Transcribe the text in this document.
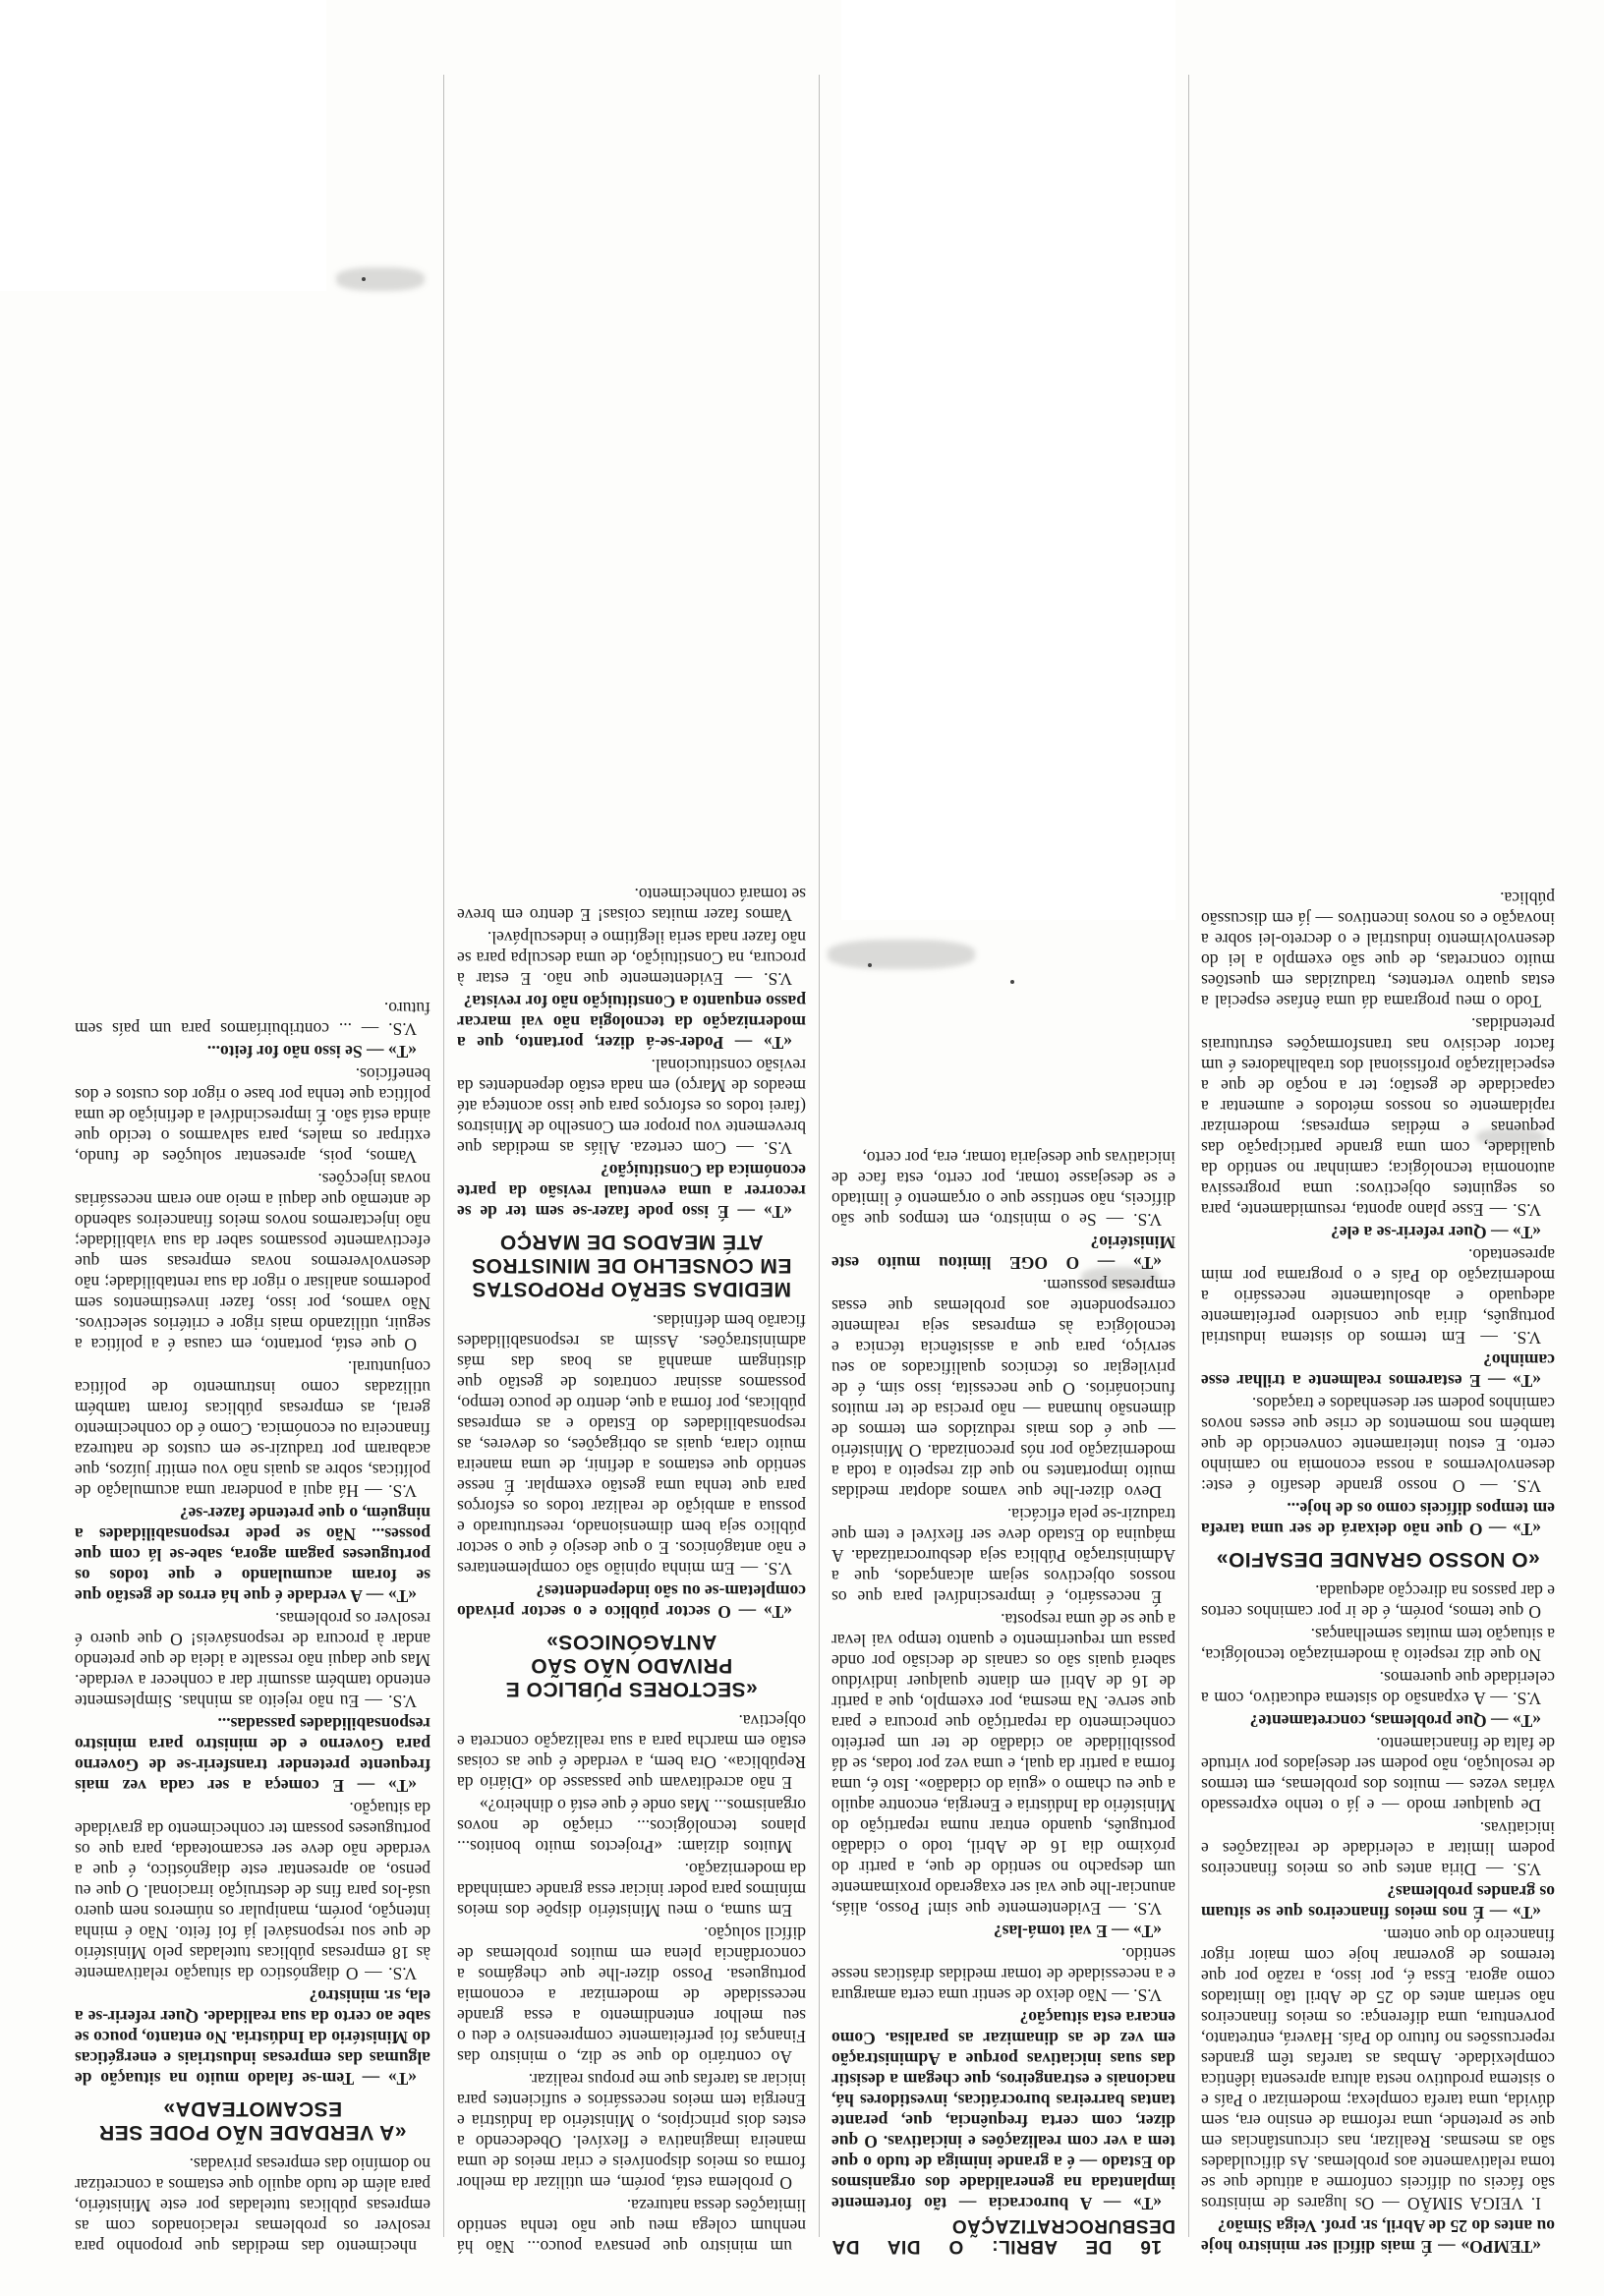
«TEMPO» — É mais difícil ser ministro hoje ou antes do 25 de Abril, sr. prof. Veiga Simão?

I. VEIGA SIMÃO — Os lugares de ministros são fáceis ou difíceis conforme a atitude que se toma relativamente aos problemas. As dificuldades são as mesmas. Realizar, nas circunstâncias em que se pretende, uma reforma de ensino era, sem dúvida, uma tarefa complexa; modernizar o País e o sistema produtivo nesta altura apresenta idêntica complexidade. Ambas as tarefas têm grandes repercussões no futuro do País. Haverá, entretanto, porventura, uma diferença: os meios financeiros não seriam antes do 25 de Abril tão limitados como agora. Essa é, por isso, a razão por que teremos de governar hoje com maior rigor financeiro do que ontem.

«T» — É nos meios financeiros que se situam os grandes problemas?

V.S. — Diria antes que os meios financeiros podem limitar a celeridade de realizações e iniciativas.

De qualquer modo — e já o tenho expressado várias vezes — muitos dos problemas, em termos de resolução, não podem ser desejados por virtude de falta de financiamento.

«T» — Que problemas, concretamente?

V.S. — A expansão do sistema educativo, com a celeridade que queremos.

No que diz respeito à modernização tecnológica, a situação tem muitas semelhanças.

O que temos, porém, é de ir por caminhos certos e dar passos na direcção adequada.

«O NOSSO GRANDE DESAFIO»

«T» — O que não deixará de ser uma tarefa em tempos difíceis como os de hoje...

V.S. — O nosso grande desafio é este: desenvolvermos a nossa economia no caminho certo. E estou inteiramente convencido de que também nos momentos de crise que esses novos caminhos podem ser desenhados e traçados.

«T» — E estaremos realmente a trilhar esse caminho?

V.S. — Em termos do sistema industrial português, diria que considero perfeitamente adequado e absolutamente necessário a modernização do País e o programa por mim apresentado.

«T» — Quer referir-se a ele?

V.S. — Esse plano aponta, resumidamente, para os seguintes objectivos: uma progressiva autonomia tecnológica; caminhar no sentido da qualidade, com uma grande participação das pequenas e médias empresas; modernizar rapidamente os nossos métodos e aumentar a capacidade de gestão; ter a noção de que a especialização profissional dos trabalhadores é um factor decisivo nas transformações estruturais pretendidas.

Todo o meu programa dá uma ênfase especial a estas quatro vertentes, traduzidas em questões muito concretas, de que são exemplo a lei do desenvolvimento industrial e o decreto-lei sobre a inovação e os novos incentivos — já em discussão pública.

16 DE ABRIL: O DIA DA DESBUROCRATIZAÇÃO

«T» — A burocracia — tão fortemente implantada na generalidade dos organismos do Estado — é a grande inimiga de tudo o que tem a ver com realizações e iniciativas. O que dizer, com certa frequência, que, perante tantas barreiras burocráticas, investidores há, nacionais e estrangeiros, que chegam a desistir das suas iniciativas porque a Administração em vez de as dinamizar as paralisa. Como encara esta situação?

V.S. — Não deixo de sentir uma certa amargura e a necessidade de tomar medidas drásticas nesse sentido.

«T» — E vai tomá-las?

V.S. — Evidentemente que sim! Posso, aliás, anunciar-lhe que vai ser exagerado proximamente um despacho no sentido de que, a partir do próximo dia 16 de Abril, todo o cidadão português, quando entrar numa repartição do Ministério da Indústria e Energia, encontre aquilo a que eu chamo o «guia do cidadão». Isto é, uma forma a partir da qual, e uma vez por todas, se dá possibilidade ao cidadão de ter um perfeito conhecimento da repartição que procura e para que serve. Na mesma, por exemplo, que a partir de 16 de Abril em diante qualquer indivíduo saberá quais são os canais de decisão por onde passa um requerimento e quanto tempo vai levar a que se dê uma resposta.

É necessário, é imprescindível para que os nossos objectivos sejam alcançados, que a Administração Pública seja desburocratizada. A máquina do Estado deve ser flexível e tem que traduzir-se pela eficácia.

Devo dizer-lhe que vamos adoptar medidas muito importantes no que diz respeito a toda a modernização por nós preconizada. O Ministério — que é dos mais reduzidos em termos de dimensão humana — não precisa de ter muitos funcionários. O que necessita, isso sim, é de privilegiar os técnicos qualificados ao seu serviço, para que a assistência técnica e tecnológica às empresas seja realmente correspondente aos problemas que essas empresas possuem.

«T» — O OGE limitou muito este Ministério?

V.S. — Se o ministro, em tempos que são difíceis, não sentisse que o orçamento é limitado e se desejasse tomar, por certo, esta face de iniciativas que desejaria tomar, era, por certo,

um ministro que pensava pouco... Não há nenhum colega meu que não tenha sentido limitações dessa natureza.

O problema está, porém, em utilizar da melhor forma os meios disponíveis e criar meios de uma maneira imaginativa e flexível. Obedecendo a estes dois princípios, o Ministério da Indústria e Energia tem meios necessários e suficientes para iniciar as tarefas que me propus realizar.

Ao contrário do que se diz, o ministro das Finanças foi perfeitamente compreensivo e deu o seu melhor entendimento a essa grande necessidade de modernizar a economia portuguesa. Posso dizer-lhe que chegámos a concordância plena em muitos problemas de difícil solução.

Em suma, o meu Ministério dispõe dos meios mínimos para poder iniciar essa grande caminhada da modernização.

Muitos diziam: «Projectos muito bonitos... planos tecnológicos... criação de novos organismos... Mas onde é que está o dinheiro?»

E não acreditavam que passasse do «Diário da República». Ora bem, a verdade é que as coisas estão em marcha para a sua realização concreta e objectiva.

«SECTORES PÚBLICO E PRIVADO NÃO SÃO ANTAGÓNICOS»

«T» — O sector público e o sector privado completam-se ou são independentes?

V.S. — Em minha opinião são complementares e não antagónicos. E o que desejo é que o sector público seja bem dimensionado, reestruturado e possua a ambição de realizar todos os esforços para que tenha uma gestão exemplar. É nesse sentido que estamos a definir, de uma maneira muito clara, quais as obrigações, os deveres, as responsabilidades do Estado e as empresas públicas, por forma a que, dentro de pouco tempo, possamos assinar contratos de gestão que distingam amanhã as boas das más administrações. Assim as responsabilidades ficarão bem definidas.

MEDIDAS SERÃO PROPOSTAS EM CONSELHO DE MINISTROS ATÉ MEADOS DE MARÇO

«T» — É isso pode fazer-se sem ter de se recorrer a uma eventual revisão da parte económica da Constituição?

V.S. — Com certeza. Aliás as medidas que brevemente vou propor em Conselho de Ministros (farei todos os esforços para que isso aconteça até meados de Março) em nada estão dependentes da revisão constitucional.

«T» — Poder-se-á dizer, portanto, que a modernização da tecnologia não vai marcar passo enquanto a Constituição não for revista?

V.S. — Evidentemente que não. E estar à procura, na Constituição, de uma desculpa para se não fazer nada seria ilegítimo e indesculpável.

Vamos fazer muitas coisas! E dentro em breve se tomará conhecimento.

nhecimento das medidas que proponho para resolver os problemas relacionados com as empresas públicas tuteladas por este Ministério, para além de tudo aquilo que estamos a concretizar no domínio das empresas privadas.

«A VERDADE NÃO PODE SER ESCAMOTEADA»

«T» — Tem-se falado muito na situação de algumas das empresas industriais e energéticas do Ministério da Indústria. No entanto, pouco se sabe ao certo da sua realidade. Quer referir-se a ela, sr. ministro?

V.S. — O diagnóstico da situação relativamente às 18 empresas públicas tuteladas pelo Ministério de que sou responsável já foi feito. Não é minha intenção, porém, manipular os números nem quero usá-los para fins de destruição irracional. O que eu penso, ao apresentar este diagnóstico, é que a verdade não deve ser escamoteada, para que os portugueses possam ter conhecimento da gravidade da situação.

«T» — E começa a ser cada vez mais frequente pretender transferir-se de Governo para Governo e de ministro para ministro responsabilidades passadas...

V.S. — Eu não rejeito as minhas. Simplesmente entendo também assumir dar a conhecer a verdade. Mas que daqui não ressalte a ideia de que pretendo andar à procura de responsáveis! O que quero é resolver os problemas.

«T» — A verdade é que há erros de gestão que se foram acumulando e que todos os portugueses pagam agora, sabe-se lá com que posses... Não se pede responsabilidades a ninguém, o que pretende fazer-se?

V.S. — Há aqui a ponderar uma acumulação de políticas, sobre as quais não vou emitir juízos, que acabaram por traduzir-se em custos de natureza financeira ou económica. Como é do conhecimento geral, as empresas públicas foram também utilizadas como instrumento de política conjuntural.

O que está, portanto, em causa é a política a seguir, utilizando mais rigor e critérios selectivos. Não vamos, por isso, fazer investimentos sem podermos analisar o rigor da sua rentabilidade; não desenvolveremos novas empresas sem que efectivamente possamos saber da sua viabilidade; não injectaremos novos meios financeiros sabendo de antemão que daqui a meio ano eram necessárias novas injecções.

Vamos, pois, apresentar soluções de fundo, extirpar os males, para salvarmos o tecido que ainda está são. É imprescindível a definição de uma política que tenha por base o rigor dos custos e dos benefícios.

«T» — Se isso não for feito...

V.S. — ... contribuiríamos para um país sem futuro.
